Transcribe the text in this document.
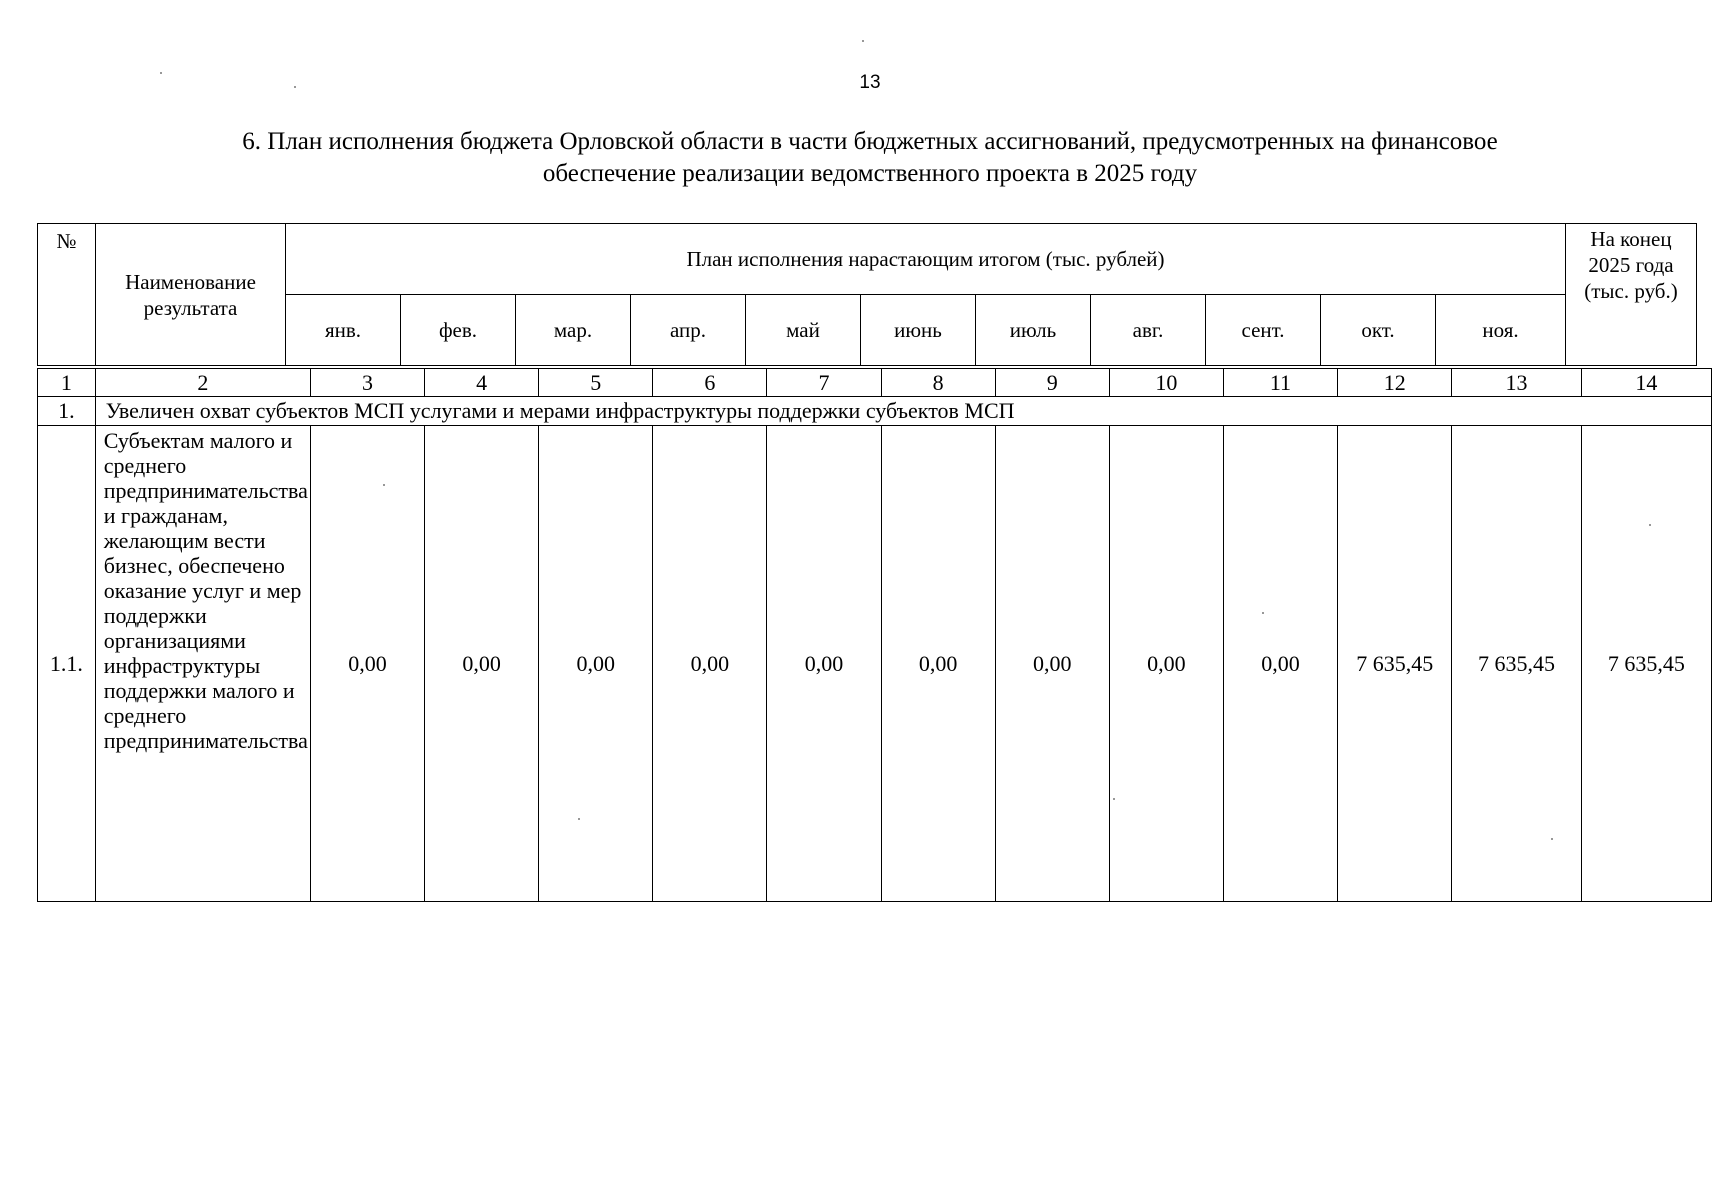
13
6. План исполнения бюджета Орловской области в части бюджетных ассигнований, предусмотренных на финансовое
обеспечение реализации ведомственного проекта в 2025 году
№	Наименование результата	План исполнения нарастающим итогом (тыс. рублей)											На конец 2025 года (тыс. руб.)
		янв.	фев.	мар.	апр.	май	июнь	июль	авг.	сент.	окт.	ноя.	
1	2	3	4	5	6	7	8	9	10	11	12	13	14
1.	Увеличен охват субъектов МСП услугами и мерами инфраструктуры поддержки субъектов МСП												
1.1.	Субъектам малого и среднего предпринимательства и гражданам, желающим вести бизнес, обеспечено оказание услуг и мер поддержки организациями инфраструктуры поддержки малого и среднего предпринимательства	0,00	0,00	0,00	0,00	0,00	0,00	0,00	0,00	0,00	7 635,45	7 635,45	7 635,45
